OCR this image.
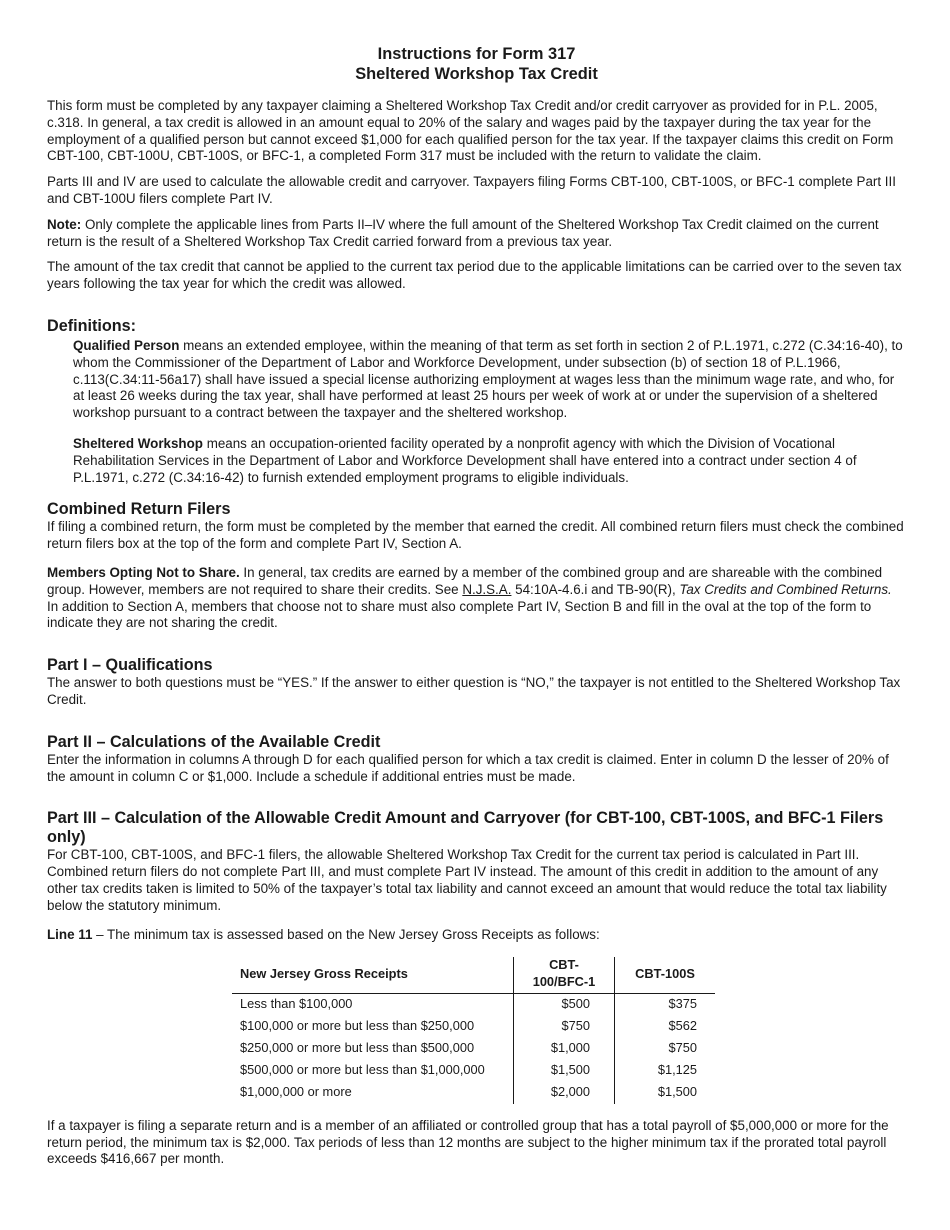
Instructions for Form 317
Sheltered Workshop Tax Credit

This form must be completed by any taxpayer claiming a Sheltered Workshop Tax Credit and/or credit carryover as provided for in P.L. 2005, c.318. In general, a tax credit is allowed in an amount equal to 20% of the salary and wages paid by the taxpayer during the tax year for the employment of a qualified person but cannot exceed $1,000 for each qualified person for the tax year. If the taxpayer claims this credit on Form CBT-100, CBT-100U, CBT-100S, or BFC-1, a completed Form 317 must be included with the return to validate the claim.

Parts III and IV are used to calculate the allowable credit and carryover. Taxpayers filing Forms CBT-100, CBT-100S, or BFC-1 complete Part III and CBT-100U filers complete Part IV.

Note: Only complete the applicable lines from Parts II–IV where the full amount of the Sheltered Workshop Tax Credit claimed on the current return is the result of a Sheltered Workshop Tax Credit carried forward from a previous tax year.

The amount of the tax credit that cannot be applied to the current tax period due to the applicable limitations can be carried over to the seven tax years following the tax year for which the credit was allowed.

Definitions:

Qualified Person means an extended employee, within the meaning of that term as set forth in section 2 of P.L.1971, c.272 (C.34:16-40), to whom the Commissioner of the Department of Labor and Workforce Development, under subsection (b) of section 18 of P.L.1966, c.113(C.34:11-56a17) shall have issued a special license authorizing employment at wages less than the minimum wage rate, and who, for at least 26 weeks during the tax year, shall have performed at least 25 hours per week of work at or under the supervision of a sheltered workshop pursuant to a contract between the taxpayer and the sheltered workshop.

Sheltered Workshop means an occupation-oriented facility operated by a nonprofit agency with which the Division of Vocational Rehabilitation Services in the Department of Labor and Workforce Development shall have entered into a contract under section 4 of P.L.1971, c.272 (C.34:16-42) to furnish extended employment programs to eligible individuals.

Combined Return Filers

If filing a combined return, the form must be completed by the member that earned the credit. All combined return filers must check the combined return filers box at the top of the form and complete Part IV, Section A.

Members Opting Not to Share. In general, tax credits are earned by a member of the combined group and are shareable with the combined group. However, members are not required to share their credits. See N.J.S.A. 54:10A-4.6.i and TB-90(R), Tax Credits and Combined Returns. In addition to Section A, members that choose not to share must also complete Part IV, Section B and fill in the oval at the top of the form to indicate they are not sharing the credit.

Part I – Qualifications

The answer to both questions must be “YES.” If the answer to either question is “NO,” the taxpayer is not entitled to the Sheltered Workshop Tax Credit.

Part II – Calculations of the Available Credit

Enter the information in columns A through D for each qualified person for which a tax credit is claimed. Enter in column D the lesser of 20% of the amount in column C or $1,000. Include a schedule if additional entries must be made.

Part III – Calculation of the Allowable Credit Amount and Carryover (for CBT-100, CBT-100S, and BFC-1 Filers only)

For CBT-100, CBT-100S, and BFC-1 filers, the allowable Sheltered Workshop Tax Credit for the current tax period is calculated in Part III. Combined return filers do not complete Part III, and must complete Part IV instead. The amount of this credit in addition to the amount of any other tax credits taken is limited to 50% of the taxpayer’s total tax liability and cannot exceed an amount that would reduce the total tax liability below the statutory minimum.

Line 11 – The minimum tax is assessed based on the New Jersey Gross Receipts as follows:

New Jersey Gross Receipts	CBT-100/BFC-1	CBT-100S
Less than $100,000	$500	$375
$100,000 or more but less than $250,000	$750	$562
$250,000 or more but less than $500,000	$1,000	$750
$500,000 or more but less than $1,000,000	$1,500	$1,125
$1,000,000 or more	$2,000	$1,500

If a taxpayer is filing a separate return and is a member of an affiliated or controlled group that has a total payroll of $5,000,000 or more for the return period, the minimum tax is $2,000. Tax periods of less than 12 months are subject to the higher minimum tax if the prorated total payroll exceeds $416,667 per month.
